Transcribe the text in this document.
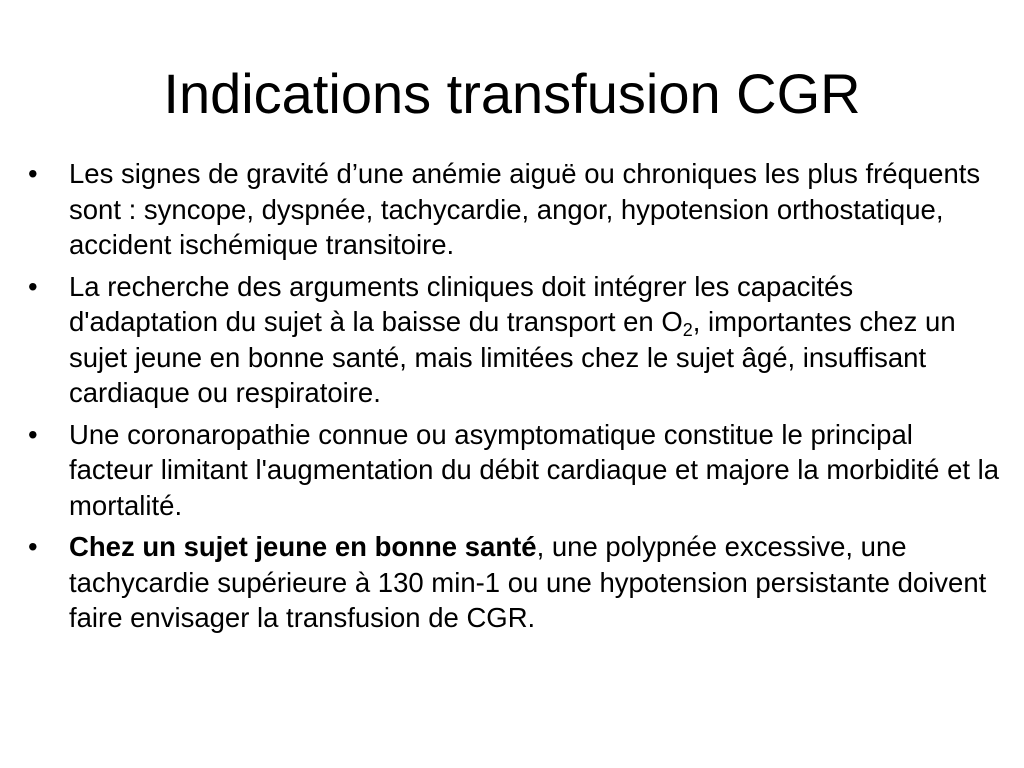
Indications transfusion CGR
•	Les signes de gravité d’une anémie aiguë ou chroniques les plus fréquents sont : syncope, dyspnée, tachycardie, angor, hypotension orthostatique, accident ischémique transitoire.
•	La recherche des arguments cliniques doit intégrer les capacités d'adaptation du sujet à la baisse du transport en $O_2$, importantes chez un sujet jeune en bonne santé, mais limitées chez le sujet âgé, insuffisant cardiaque ou respiratoire.
•	Une coronaropathie connue ou asymptomatique constitue le principal facteur limitant l'augmentation du débit cardiaque et majore la morbidité et la mortalité.
•	Chez un sujet jeune en bonne santé, une polypnée excessive, une tachycardie supérieure à 130 min-1 ou une hypotension persistante doivent faire envisager la transfusion de CGR.
